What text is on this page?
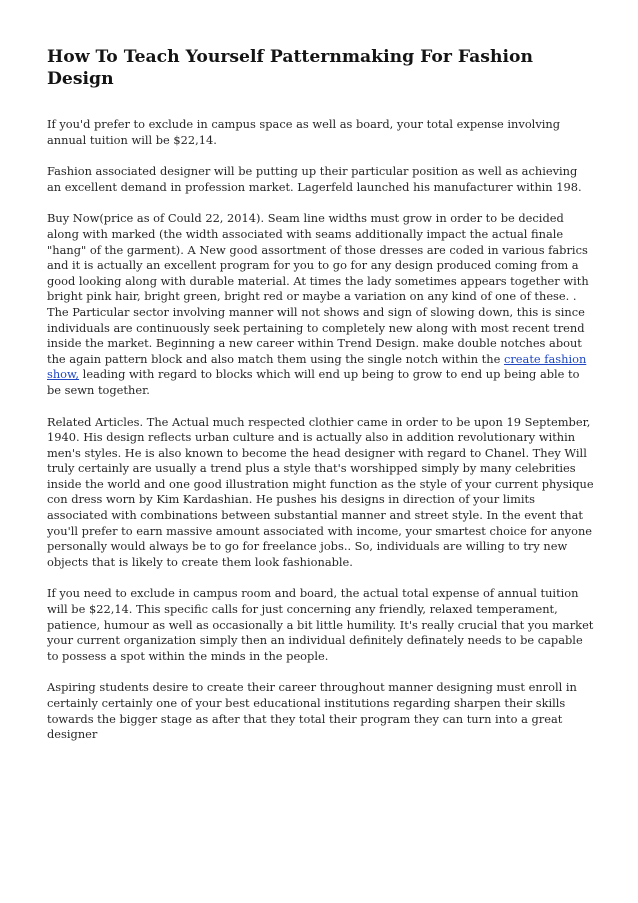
How To Teach Yourself Patternmaking For Fashion Design

If you'd prefer to exclude in campus space as well as board, your total expense involving annual tuition will be $22,14.

Fashion associated designer will be putting up their particular position as well as achieving an excellent demand in profession market. Lagerfeld launched his manufacturer within 198.

Buy Now(price as of Could 22, 2014). Seam line widths must grow in order to be decided along with marked (the width associated with seams additionally impact the actual finale "hang" of the garment). A New good assortment of those dresses are coded in various fabrics and it is actually an excellent program for you to go for any design produced coming from a good looking along with durable material. At times the lady sometimes appears together with bright pink hair, bright green, bright red or maybe a variation on any kind of one of these. . The Particular sector involving manner will not shows and sign of slowing down, this is since individuals are continuously seek pertaining to completely new along with most recent trend inside the market. Beginning a new career within Trend Design. make double notches about the again pattern block and also match them using the single notch within the create fashion show, leading with regard to blocks which will end up being to grow to end up being able to be sewn together.

Related Articles. The Actual much respected clothier came in order to be upon 19 September, 1940. His design reflects urban culture and is actually also in addition revolutionary within men's styles. He is also known to become the head designer with regard to Chanel. They Will truly certainly are usually a trend plus a style that's worshipped simply by many celebrities inside the world and one good illustration might function as the style of your current physique con dress worn by Kim Kardashian. He pushes his designs in direction of your limits associated with combinations between substantial manner and street style. In the event that you'll prefer to earn massive amount associated with income, your smartest choice for anyone personally would always be to go for freelance jobs.. So, individuals are willing to try new objects that is likely to create them look fashionable.

If you need to exclude in campus room and board, the actual total expense of annual tuition will be $22,14. This specific calls for just concerning any friendly, relaxed temperament, patience, humour as well as occasionally a bit little humility. It's really crucial that you market your current organization simply then an individual definitely definately needs to be capable to possess a spot within the minds in the people.

Aspiring students desire to create their career throughout manner designing must enroll in certainly certainly one of your best educational institutions regarding sharpen their skills towards the bigger stage as after that they total their program they can turn into a great designer
